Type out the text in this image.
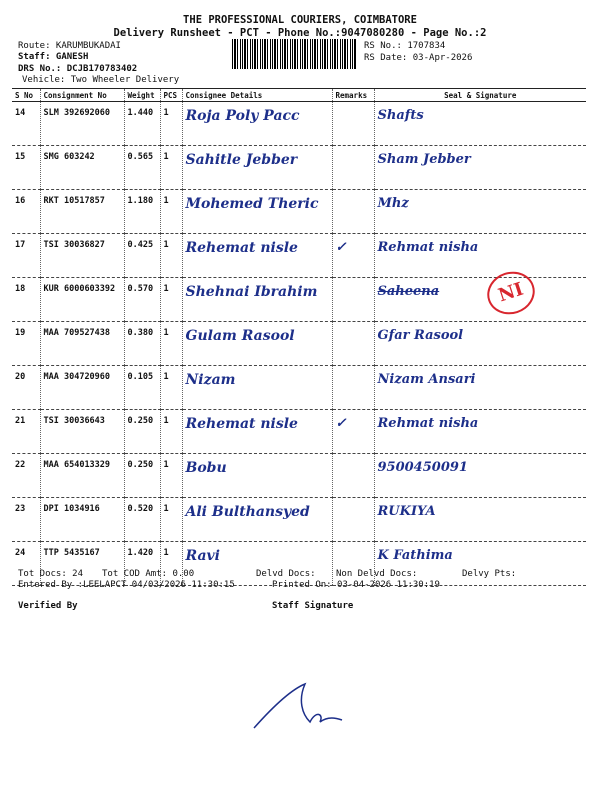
THE PROFESSIONAL COURIERS, COIMBATORE
Delivery Runsheet - PCT - Phone No.:9047080280 - Page No.:2
Route: KARUMBUKADAI
Staff: GANESH
DRS No.: DCJB170783402
Vehicle: Two Wheeler Delivery
RS No.: 1707834
RS Date: 03-Apr-2026
S No	Consignment No	Weight	PCS	Consignee Details	Remarks	Seal & Signature
14	SLM 392692060	1.440	1	Roja Poly Pacc		Shafts
15	SMG 603242	0.565	1	Sahitle Jebber		Sham Jebber
16	RKT 10517857	1.180	1	Mohemed Theric		Mhz
17	TSI 30036827	0.425	1	Rehemat nisle	✓	Rehmat nisha
18	KUR 6000603392	0.570	1	Shehnai Ibrahim		Saheena NI

19	MAA 709527438	0.380	1	Gulam Rasool		Gfar Rasool
20	MAA 304720960	0.105	1	Nizam		Nizam Ansari
21	TSI 30036643	0.250	1	Rehemat nisle	✓	Rehmat nisha
22	MAA 654013329	0.250	1	Bobu		9500450091
23	DPI 1034916	0.520	1	Ali Bulthansyed		RUKIYA
24	TTP 5435167	1.420	1	Ravi		K Fathima
Tot Docs: 24 Tot COD Amt: 0.00	Delvd Docs: Non Delvd Docs:	Delvy Pts:
Entered By :LEELAPCT 04/03/2026 11:30:15	Printed On: 03-04-2026 11:30:19
Verified By	Staff Signature
